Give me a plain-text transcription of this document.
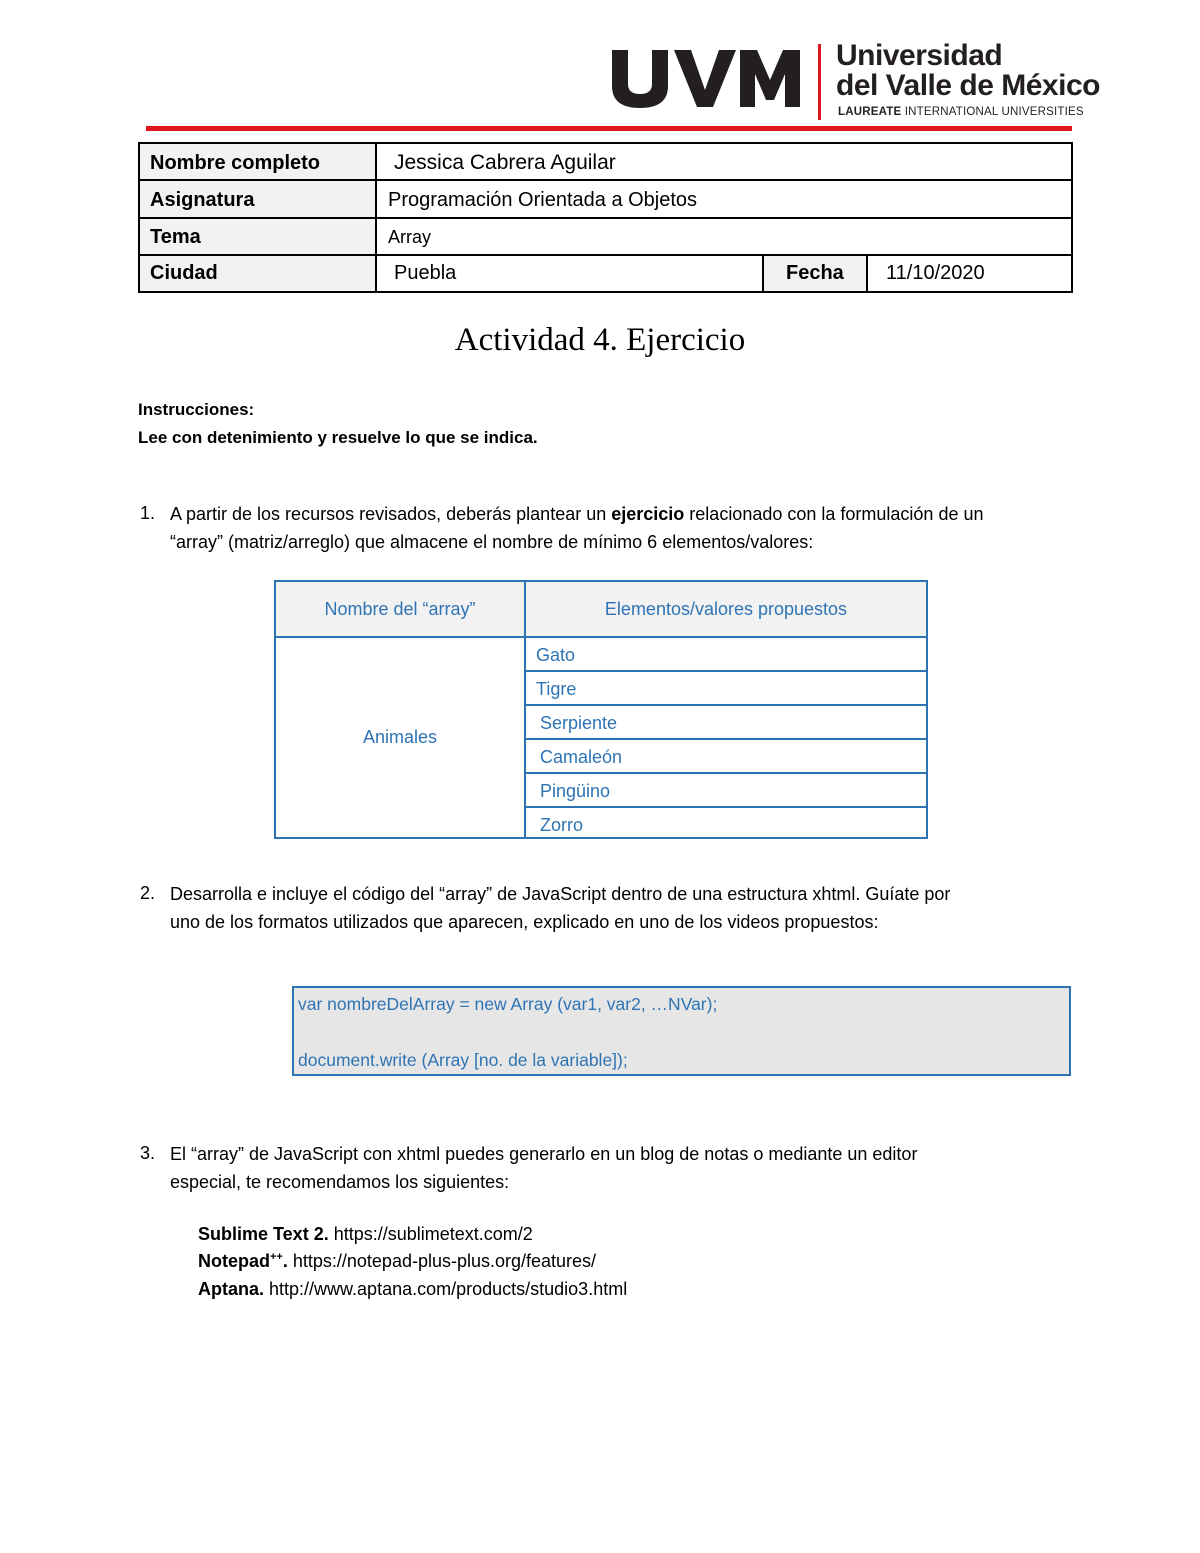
Universidad
del Valle de México
LAUREATE INTERNATIONAL UNIVERSITIES
Nombre completo	Jessica Cabrera Aguilar
Asignatura	Programación Orientada a Objetos
Tema	Array
Ciudad	Puebla	Fecha	11/10/2020
Actividad 4. Ejercicio
Instrucciones:
Lee con detenimiento y resuelve lo que se indica.
1. A partir de los recursos revisados, deberás plantear un ejercicio relacionado con la formulación de un
“array” (matriz/arreglo) que almacene el nombre de mínimo 6 elementos/valores:
Nombre del “array”	Elementos/valores propuestos
Animales
Gato
Tigre
Serpiente
Camaleón
Pingüino
Zorro
2. Desarrolla e incluye el código del “array” de JavaScript dentro de una estructura xhtml. Guíate por
uno de los formatos utilizados que aparecen, explicado en uno de los videos propuestos:
var nombreDelArray = new Array (var1, var2, …NVar);
document.write (Array [no. de la variable]);
3. El “array” de JavaScript con xhtml puedes generarlo en un blog de notas o mediante un editor
especial, te recomendamos los siguientes:
Sublime Text 2. https://sublimetext.com/2
Notepad++. https://notepad-plus-plus.org/features/
Aptana. http://www.aptana.com/products/studio3.html
